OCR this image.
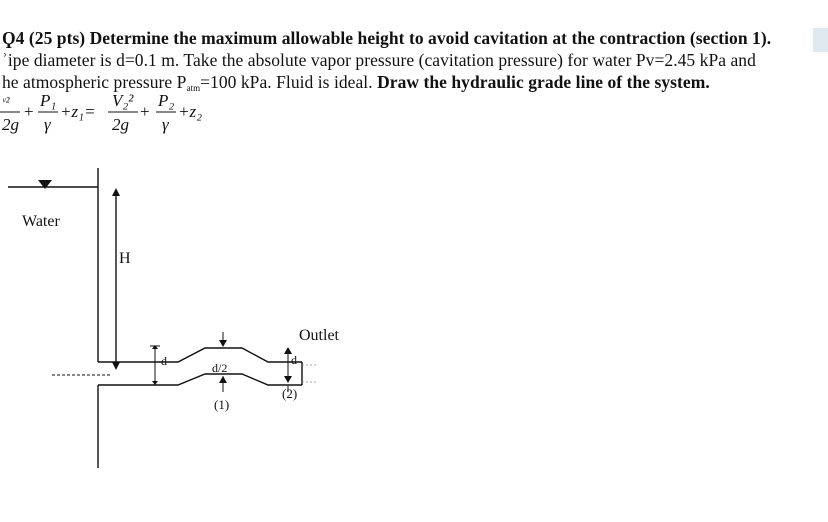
Ϙ4 (25 pts) Determine the maximum allowable height to avoid cavitation at the contraction (section 1).
ʾipe diameter is d=0.1 m. Take the absolute vapor pressure (cavitation pressure) for water Pv=2.45 kPa and
he atmospheric pressure Patm=100 kPa. Fluid is ideal. Draw the hydraulic grade line of the system.
ᵛ²
2g
+
P₁
γ
+z₁=
V₂²
2g
+
P₂
γ
+z₂
Water
H
Outlet
d	d/2
d
(1)
(2)
